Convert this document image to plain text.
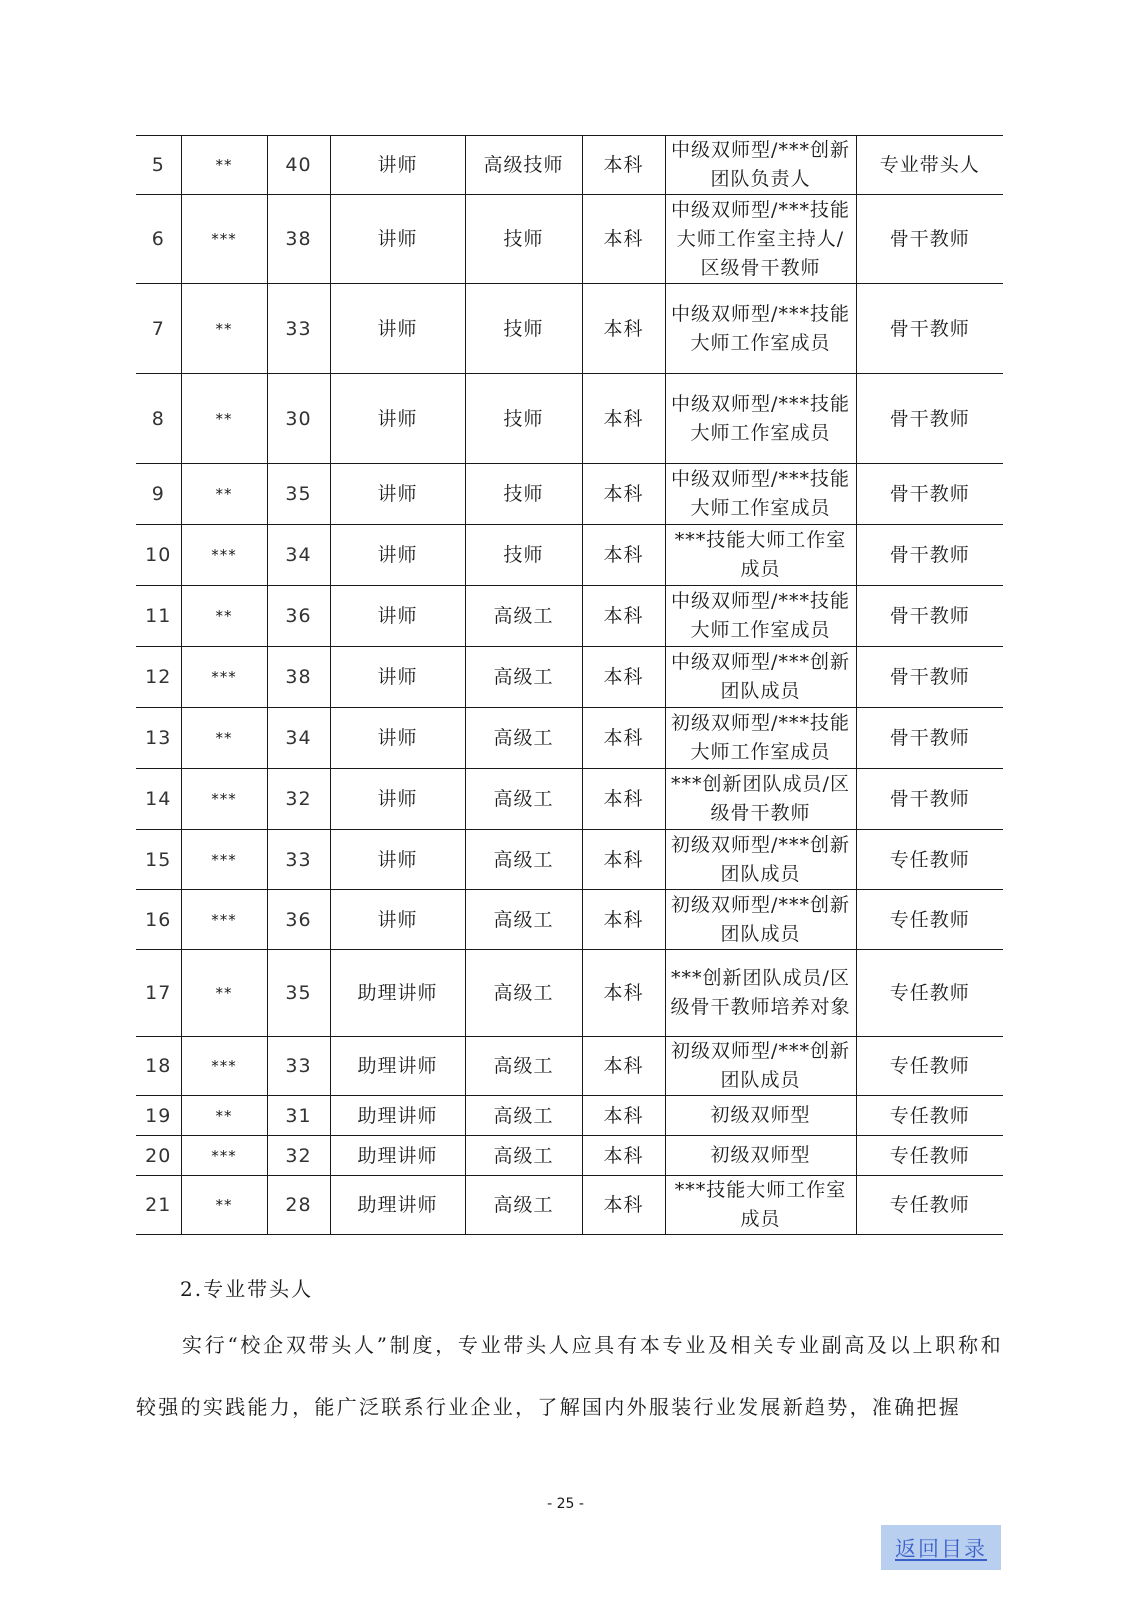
5	**	40	讲师	高级技师	本科	中级双师型/***创新团队负责人	专业带头人
6	***	38	讲师	技师	本科	中级双师型/***技能大师工作室主持人/区级骨干教师	骨干教师
7	**	33	讲师	技师	本科	中级双师型/***技能大师工作室成员	骨干教师
8	**	30	讲师	技师	本科	中级双师型/***技能大师工作室成员	骨干教师
9	**	35	讲师	技师	本科	中级双师型/***技能大师工作室成员	骨干教师
10	***	34	讲师	技师	本科	***技能大师工作室成员	骨干教师
11	**	36	讲师	高级工	本科	中级双师型/***技能大师工作室成员	骨干教师
12	***	38	讲师	高级工	本科	中级双师型/***创新团队成员	骨干教师
13	**	34	讲师	高级工	本科	初级双师型/***技能大师工作室成员	骨干教师
14	***	32	讲师	高级工	本科	***创新团队成员/区级骨干教师	骨干教师
15	***	33	讲师	高级工	本科	初级双师型/***创新团队成员	专任教师
16	***	36	讲师	高级工	本科	初级双师型/***创新团队成员	专任教师
17	**	35	助理讲师	高级工	本科	***创新团队成员/区级骨干教师培养对象	专任教师
18	***	33	助理讲师	高级工	本科	初级双师型/***创新团队成员	专任教师
19	**	31	助理讲师	高级工	本科	初级双师型	专任教师
20	***	32	助理讲师	高级工	本科	初级双师型	专任教师
21	**	28	助理讲师	高级工	本科	***技能大师工作室成员	专任教师
2.专业带头人

实行“校企双带头人”制度，专业带头人应具有本专业及相关专业副高及以上职称和较强的实践能力，能广泛联系行业企业，了解国内外服装行业发展新趋势，准确把握

- 25 -
返回目录
